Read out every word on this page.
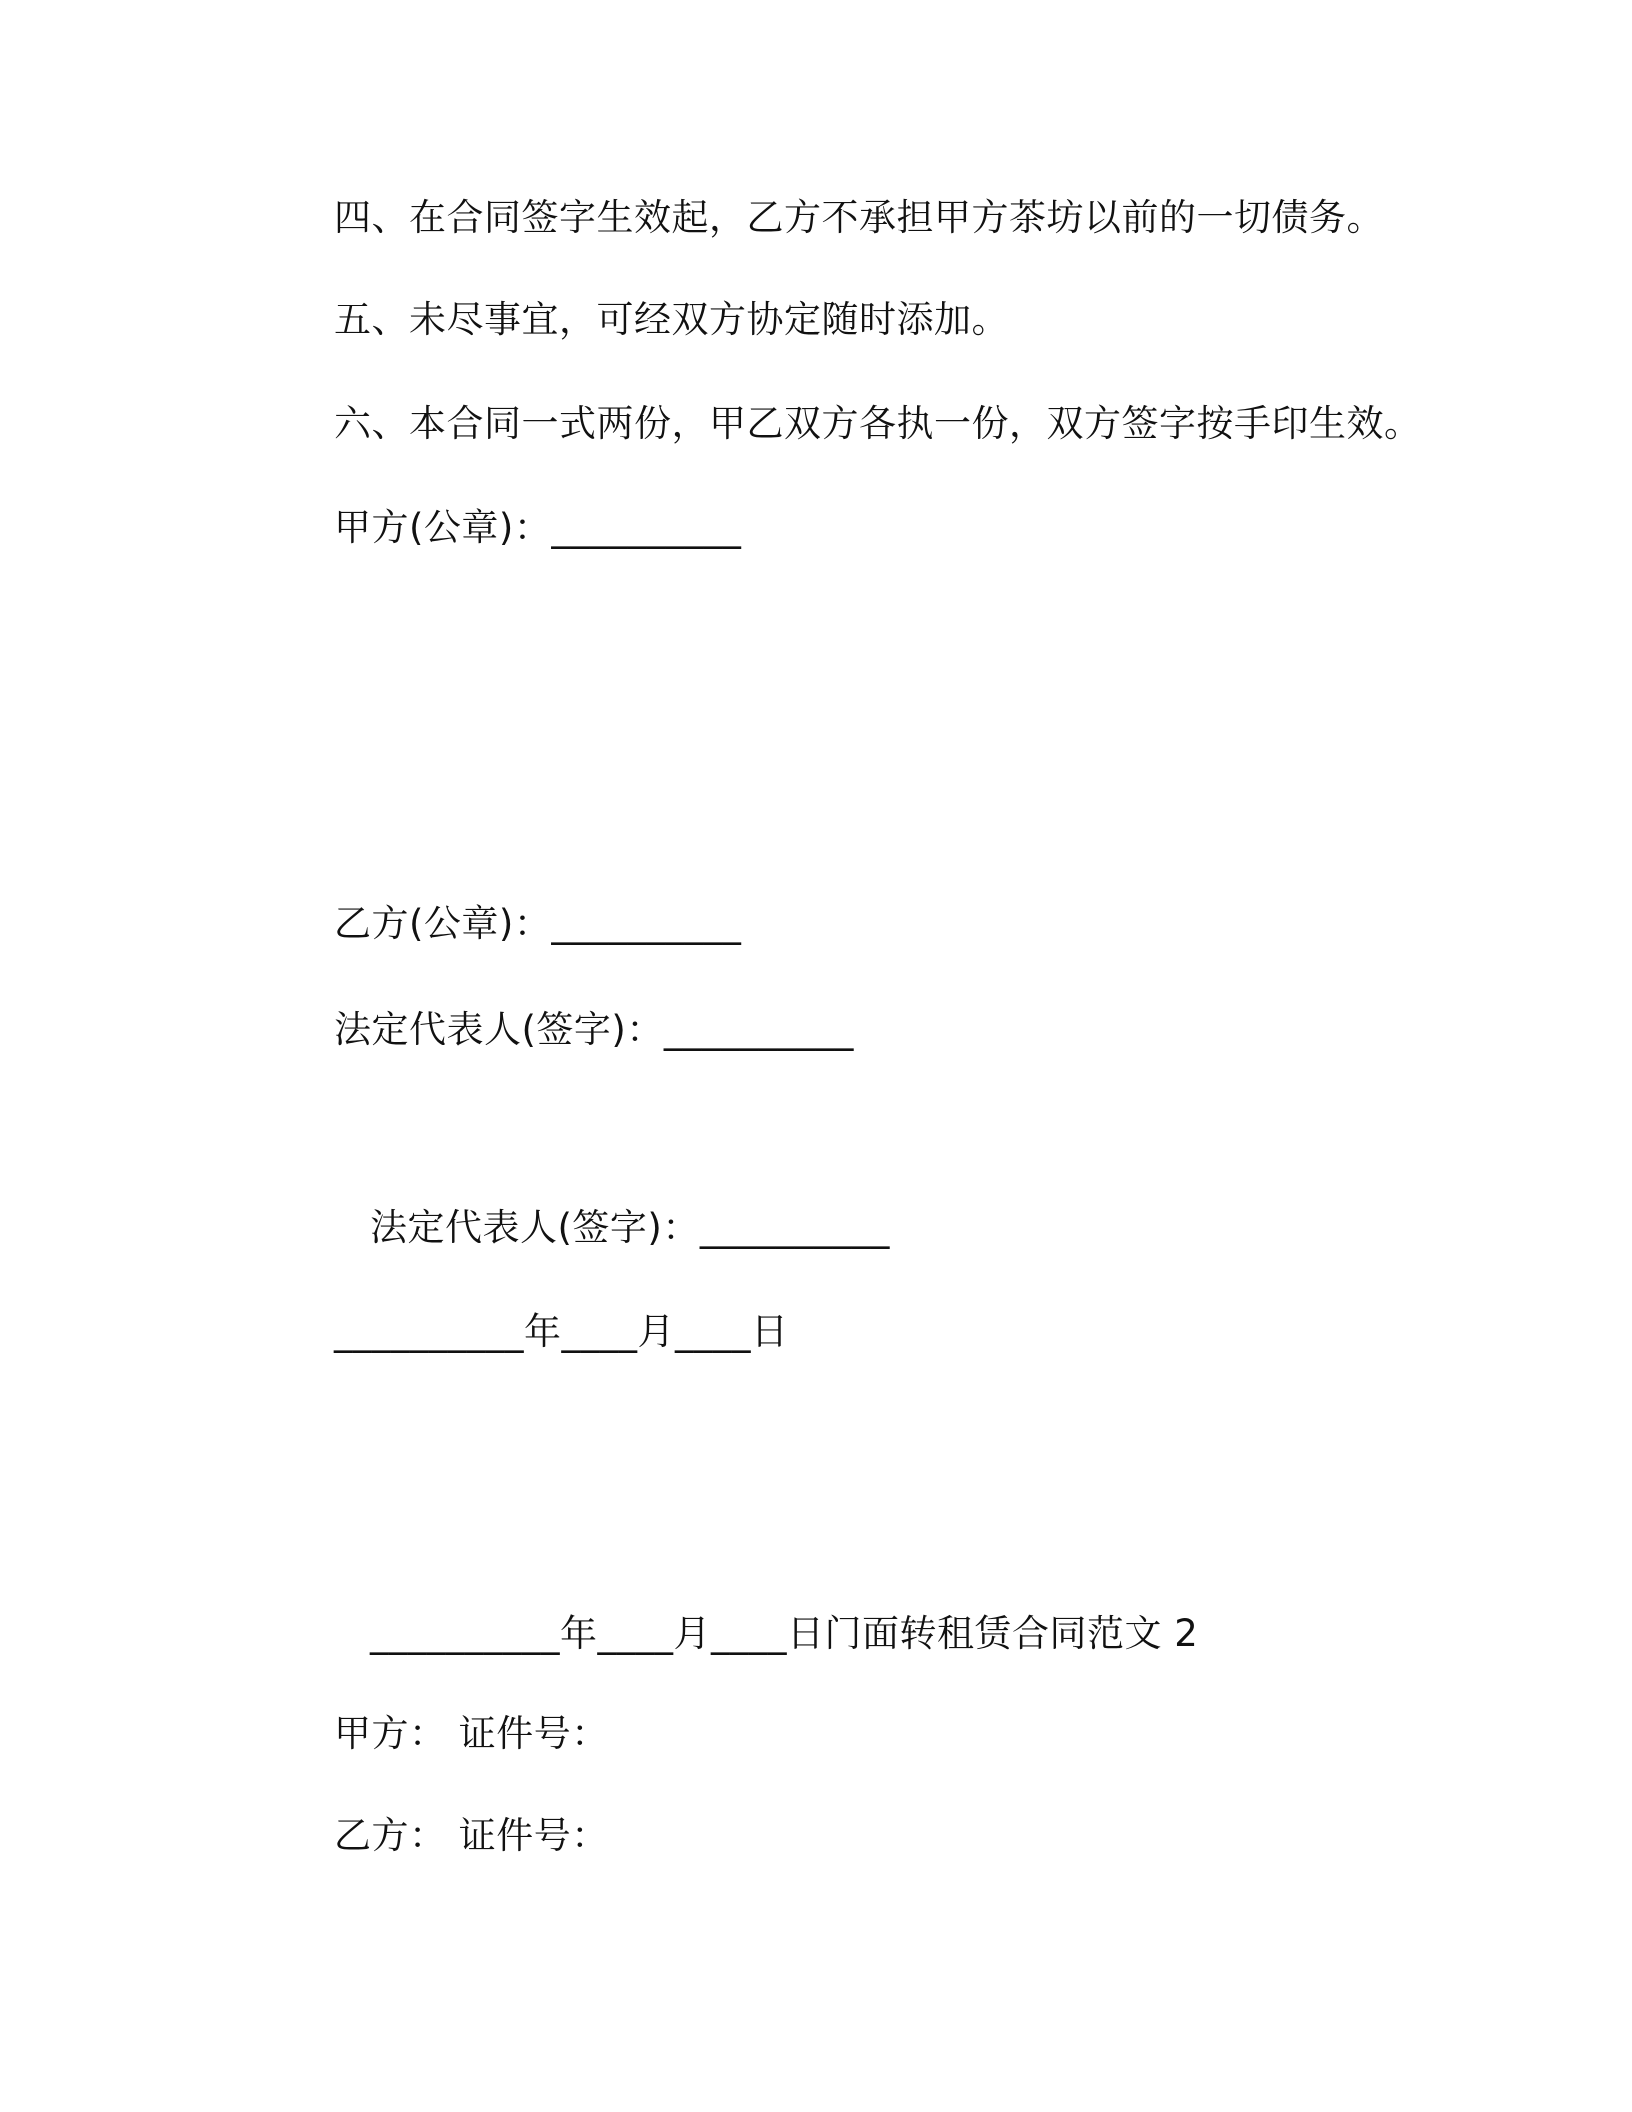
四、在合同签字生效起，乙方不承担甲方茶坊以前的一切债务。
五、未尽事宜，可经双方协定随时添加。
六、本合同一式两份，甲乙双方各执一份，双方签字按手印生效。
甲方(公章)：__________
乙方(公章)：__________
法定代表人(签字)：__________
法定代表人(签字)：__________
__________年____月____日
__________年____月____日门面转租赁合同范文 2
甲方： 证件号：
乙方： 证件号：
